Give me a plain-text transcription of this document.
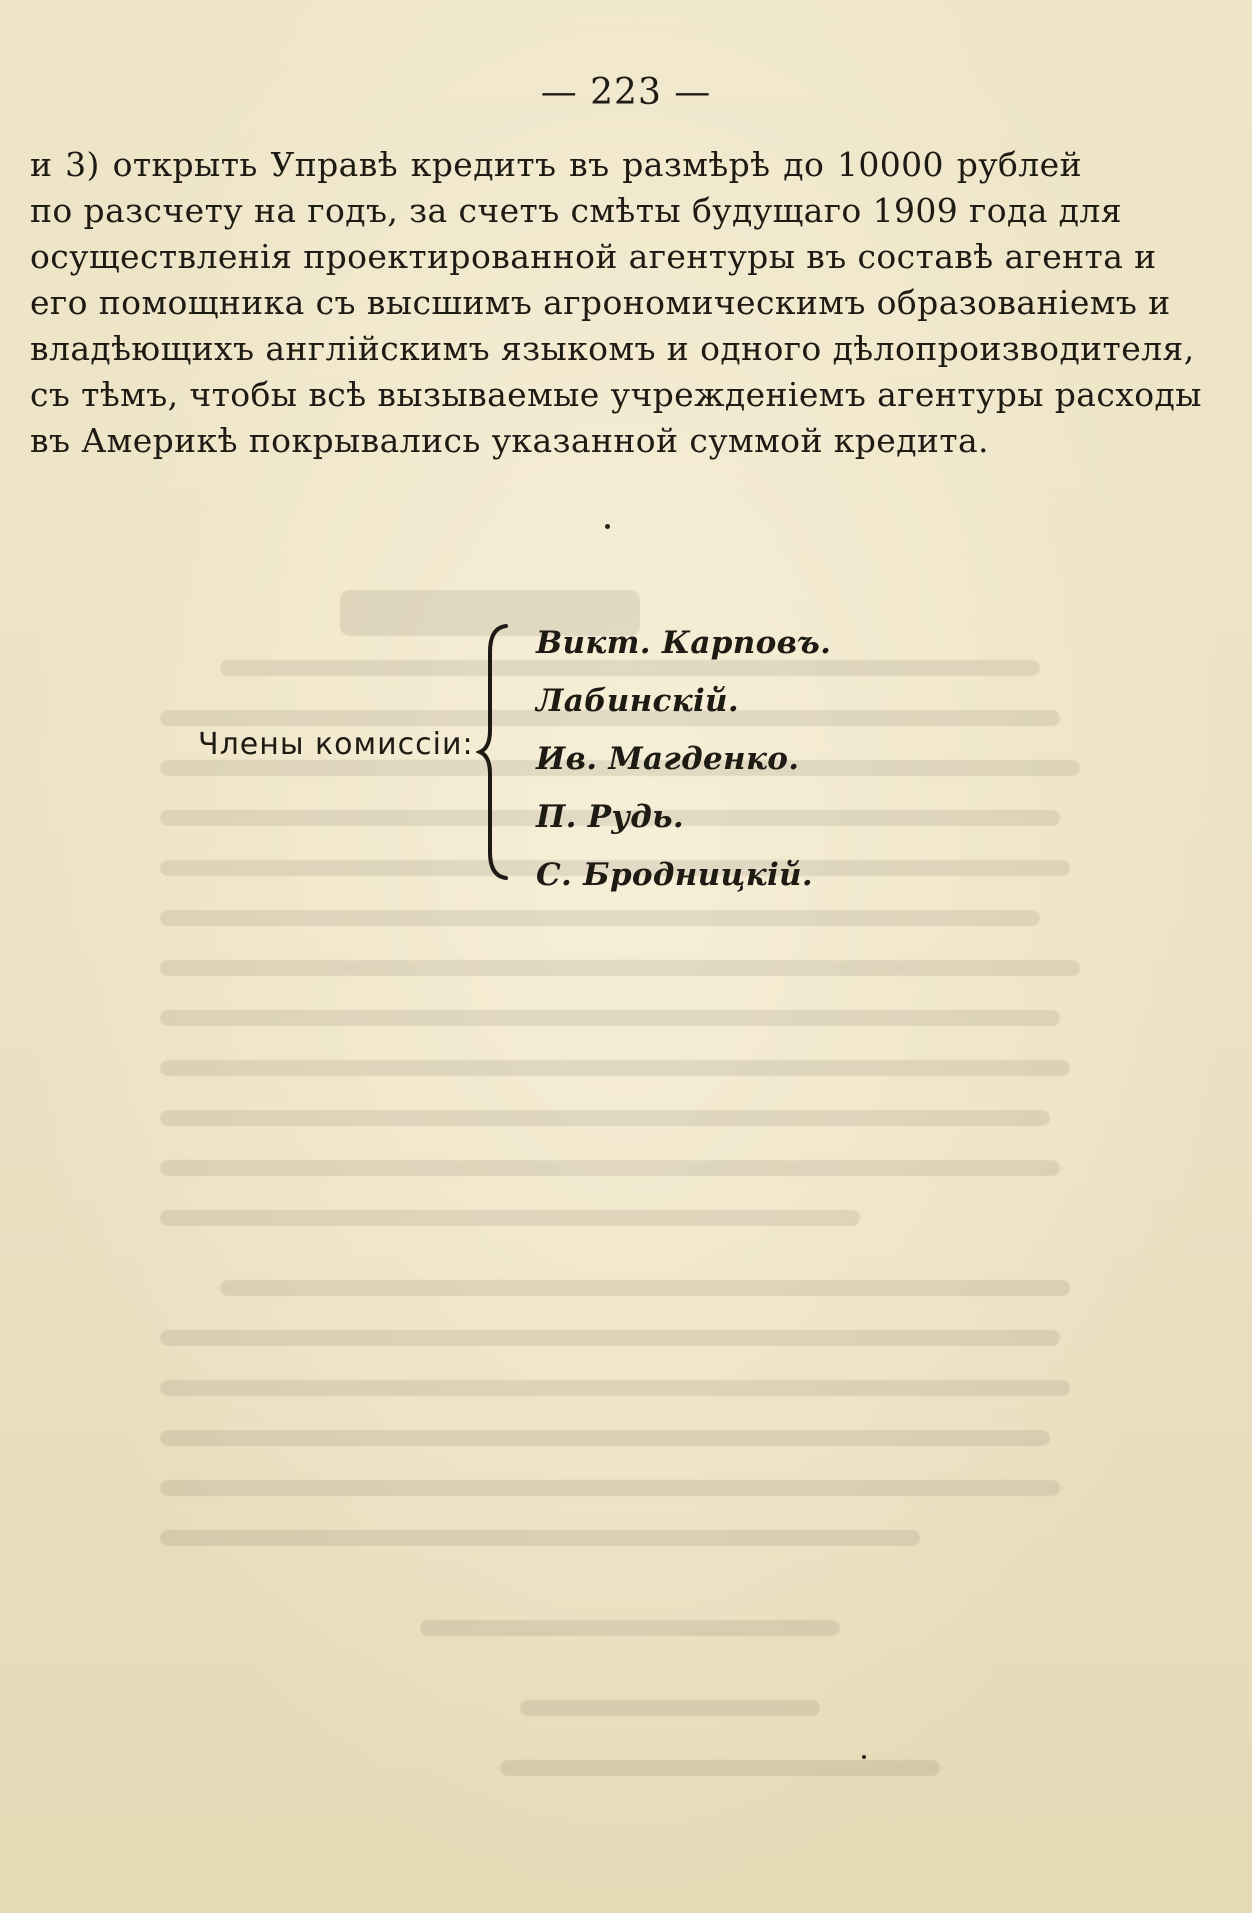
— 223 —
и 3) открыть Управѣ кредитъ въ размѣрѣ до 10000 рублей
по разсчету на годъ, за счетъ смѣты будущаго 1909 года для
осуществленія проектированной агентуры въ составѣ агента и
его помощника съ высшимъ агрономическимъ образованіемъ и
владѣющихъ англійскимъ языкомъ и одного дѣлопроизводителя,
съ тѣмъ, чтобы всѣ вызываемые учрежденіемъ агентуры расходы
въ Америкѣ покрывались указанной суммой кредита.
Члены комиссіи:
Викт. Карповъ.
Лабинскій.
Ив. Магденко.
П. Рудь.
С. Бродницкій.
